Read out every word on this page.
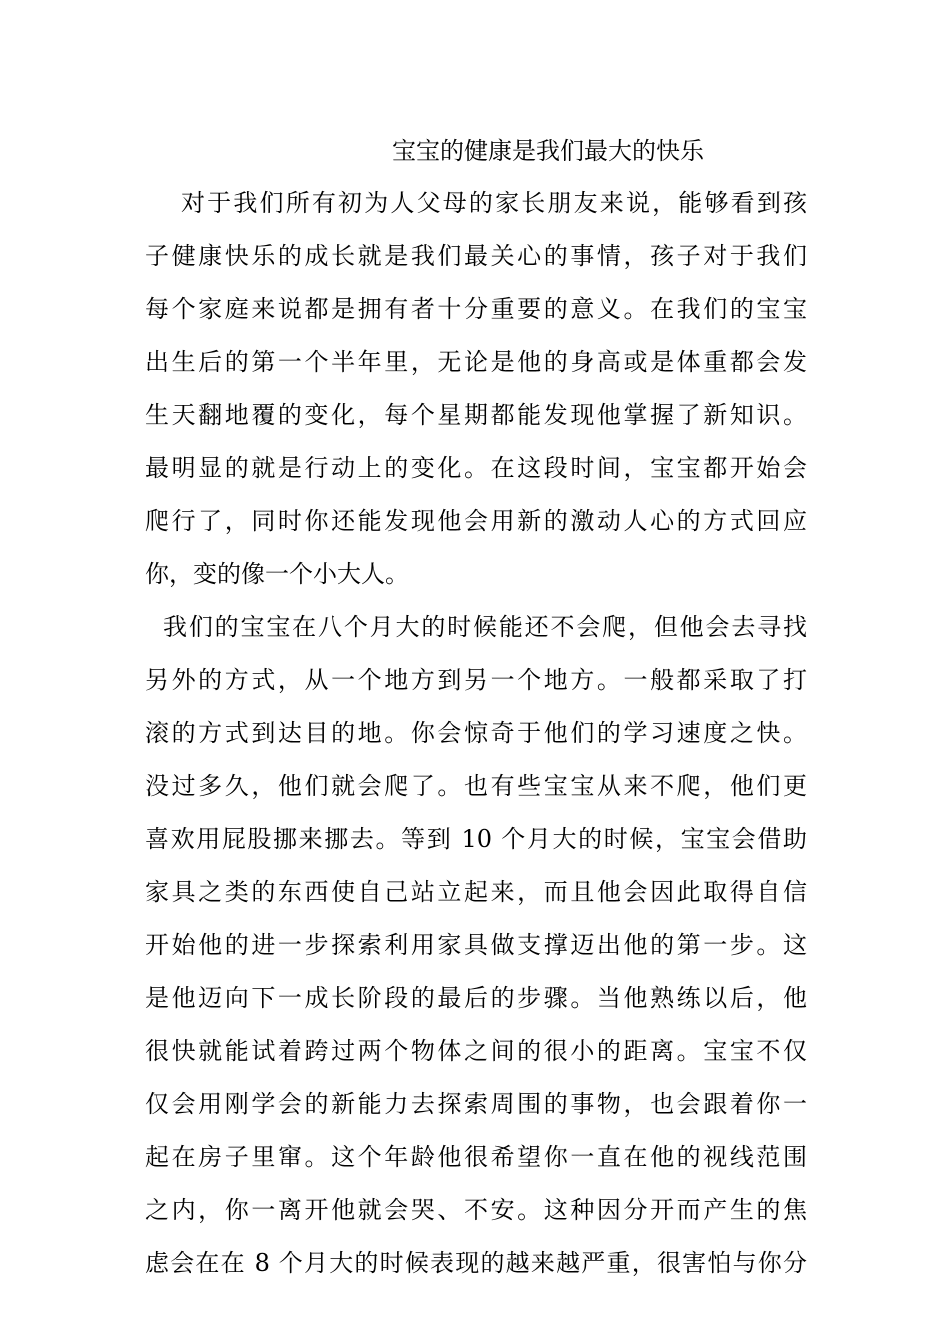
宝宝的健康是我们最大的快乐
对于我们所有初为人父母的家长朋友来说，能够看到孩
子健康快乐的成长就是我们最关心的事情，孩子对于我们
每个家庭来说都是拥有者十分重要的意义。在我们的宝宝
出生后的第一个半年里，无论是他的身高或是体重都会发
生天翻地覆的变化，每个星期都能发现他掌握了新知识。
最明显的就是行动上的变化。在这段时间，宝宝都开始会
爬行了，同时你还能发现他会用新的激动人心的方式回应
你，变的像一个小大人。
我们的宝宝在八个月大的时候能还不会爬，但他会去寻找
另外的方式，从一个地方到另一个地方。一般都采取了打
滚的方式到达目的地。你会惊奇于他们的学习速度之快。
没过多久，他们就会爬了。也有些宝宝从来不爬，他们更
喜欢用屁股挪来挪去。等到 10 个月大的时候，宝宝会借助
家具之类的东西使自己站立起来，而且他会因此取得自信
开始他的进一步探索利用家具做支撑迈出他的第一步。这
是他迈向下一成长阶段的最后的步骤。当他熟练以后，他
很快就能试着跨过两个物体之间的很小的距离。宝宝不仅
仅会用刚学会的新能力去探索周围的事物，也会跟着你一
起在房子里窜。这个年龄他很希望你一直在他的视线范围
之内，你一离开他就会哭、不安。这种因分开而产生的焦
虑会在在 8 个月大的时候表现的越来越严重，很害怕与你分
